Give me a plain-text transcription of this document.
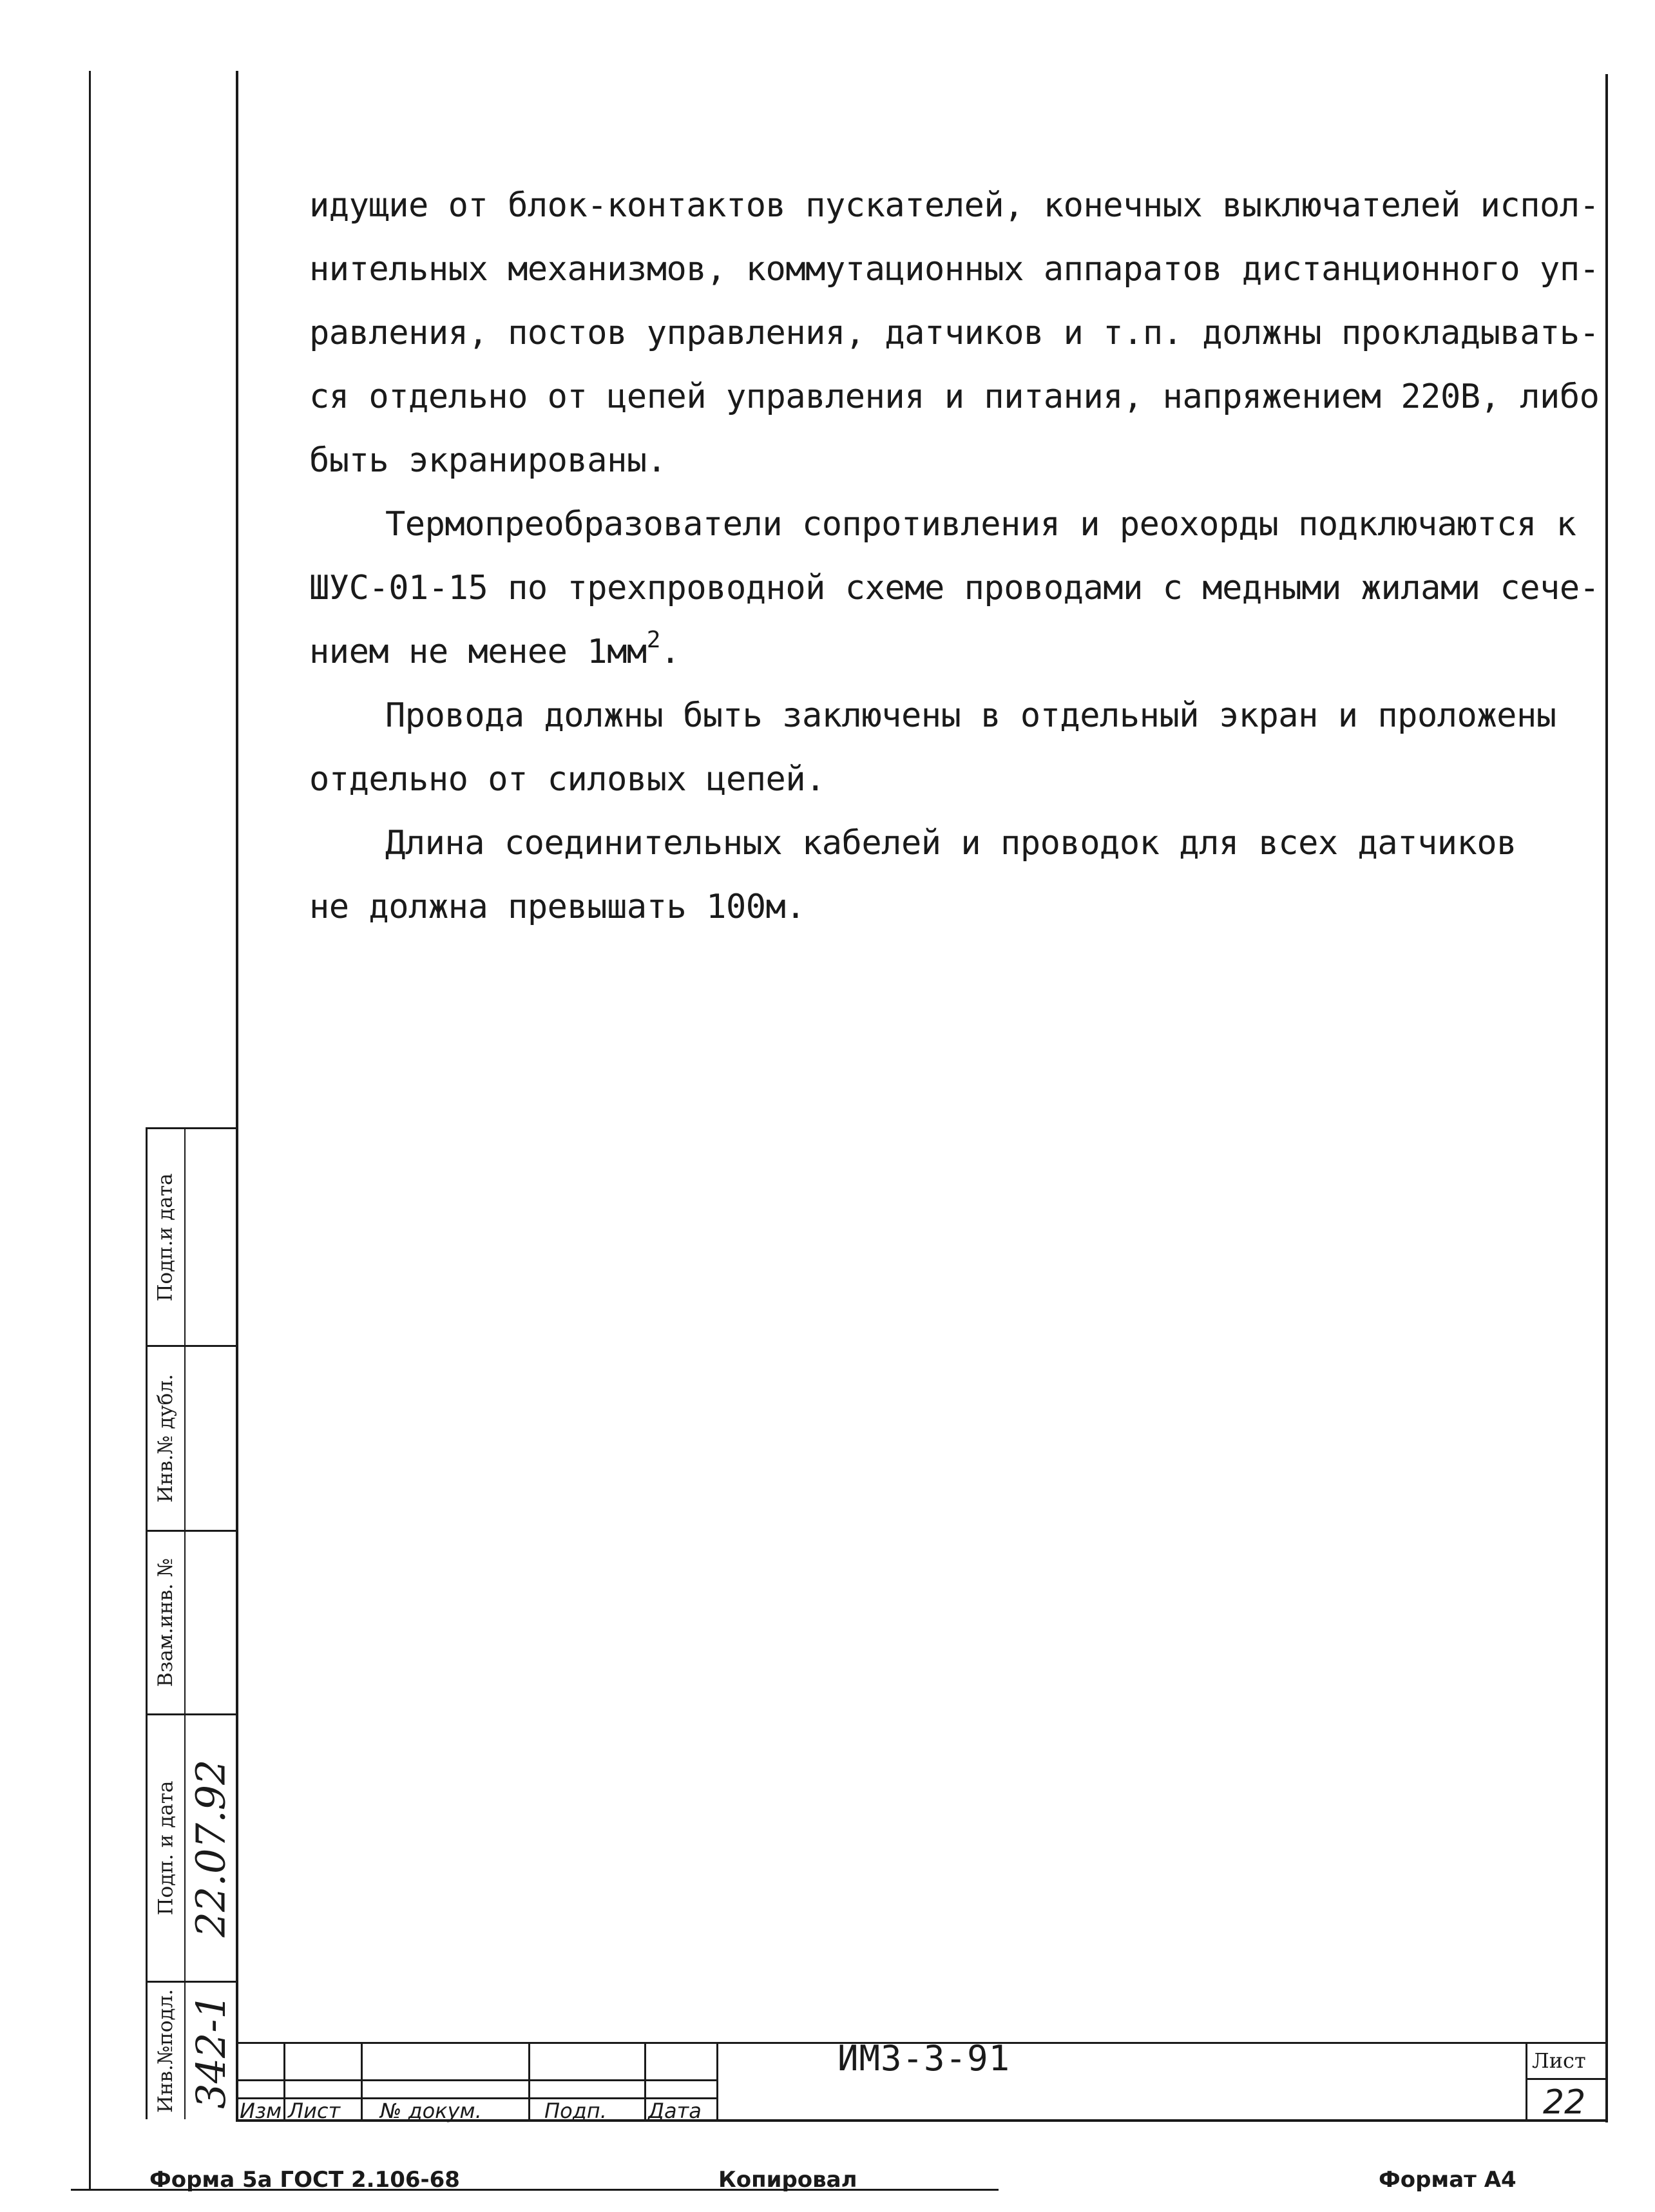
идущие от блок-контактов пускателей, конечных выключателей испол-
нительных механизмов, коммутационных аппаратов дистанционного уп-
равления, постов управления, датчиков и т.п. должны прокладывать-
ся отдельно от цепей управления и питания, напряжением 220В, либо
быть экранированы.
Термопреобразователи сопротивления и реохорды подключаются к
ШУС-01-15 по трехпроводной схеме проводами с медными жилами сече-
нием не менее $1мм^2$.
Провода должны быть заключены в отдельный экран и проложены
отдельно от силовых цепей.
Длина соединительных кабелей и проводок для всех датчиков
не должна превышать 100м.
Подп.и дата
Инв.№ дубл.
Взам.инв. №
Подп. и дата
Инв.№подл.
22.07.92
342-1
Изм Лист № докум.	Подп. Дата
ИМЗ-3-91	Лист
22
Форма 5а ГОСТ 2.106-68	Копировал	Формат А4
